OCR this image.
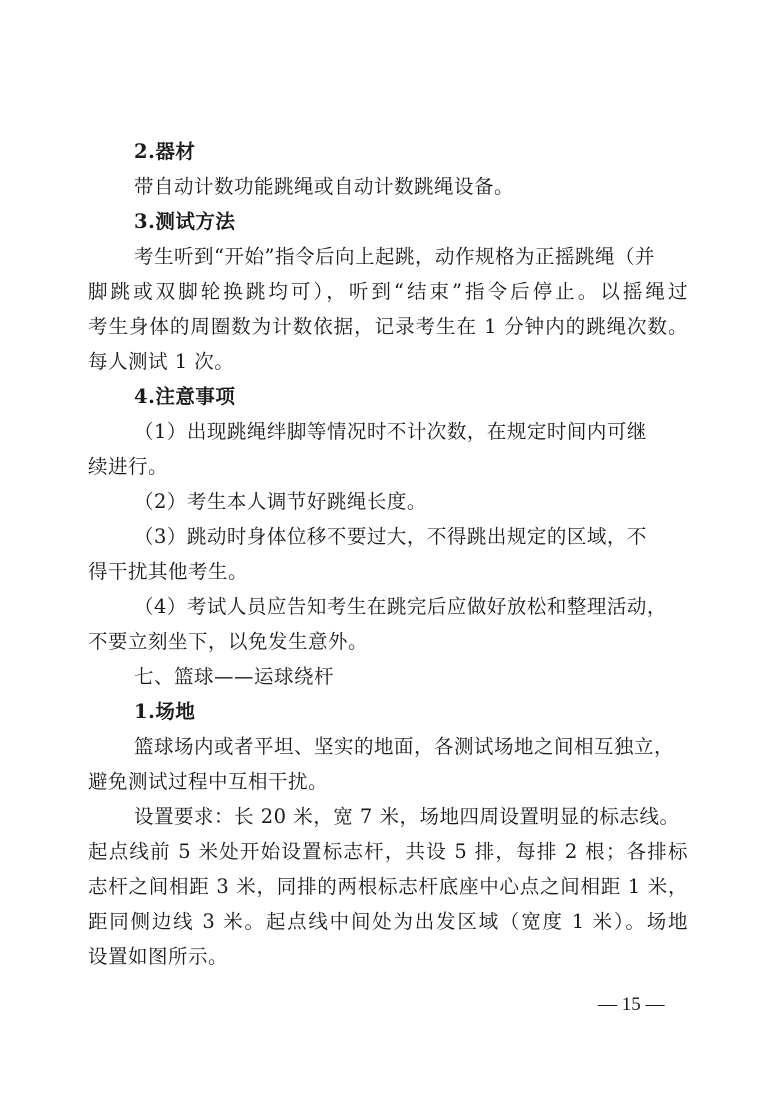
2.器材

带自动计数功能跳绳或自动计数跳绳设备。

3.测试方法

考生听到“开始”指令后向上起跳，动作规格为正摇跳绳（并

脚跳或双脚轮换跳均可），听到“结束”指令后停止。以摇绳过

考生身体的周圈数为计数依据，记录考生在 1 分钟内的跳绳次数。

每人测试 1 次。

4.注意事项

（1）出现跳绳绊脚等情况时不计次数，在规定时间内可继

续进行。

（2）考生本人调节好跳绳长度。

（3）跳动时身体位移不要过大，不得跳出规定的区域，不

得干扰其他考生。

（4）考试人员应告知考生在跳完后应做好放松和整理活动，

不要立刻坐下，以免发生意外。

七、篮球——运球绕杆

1.场地

篮球场内或者平坦、坚实的地面，各测试场地之间相互独立，

避免测试过程中互相干扰。

设置要求：长 20 米，宽 7 米，场地四周设置明显的标志线。

起点线前 5 米处开始设置标志杆，共设 5 排，每排 2 根；各排标

志杆之间相距 3 米，同排的两根标志杆底座中心点之间相距 1 米，

距同侧边线 3 米。起点线中间处为出发区域（宽度 1 米）。场地

设置如图所示。

— 15 —
